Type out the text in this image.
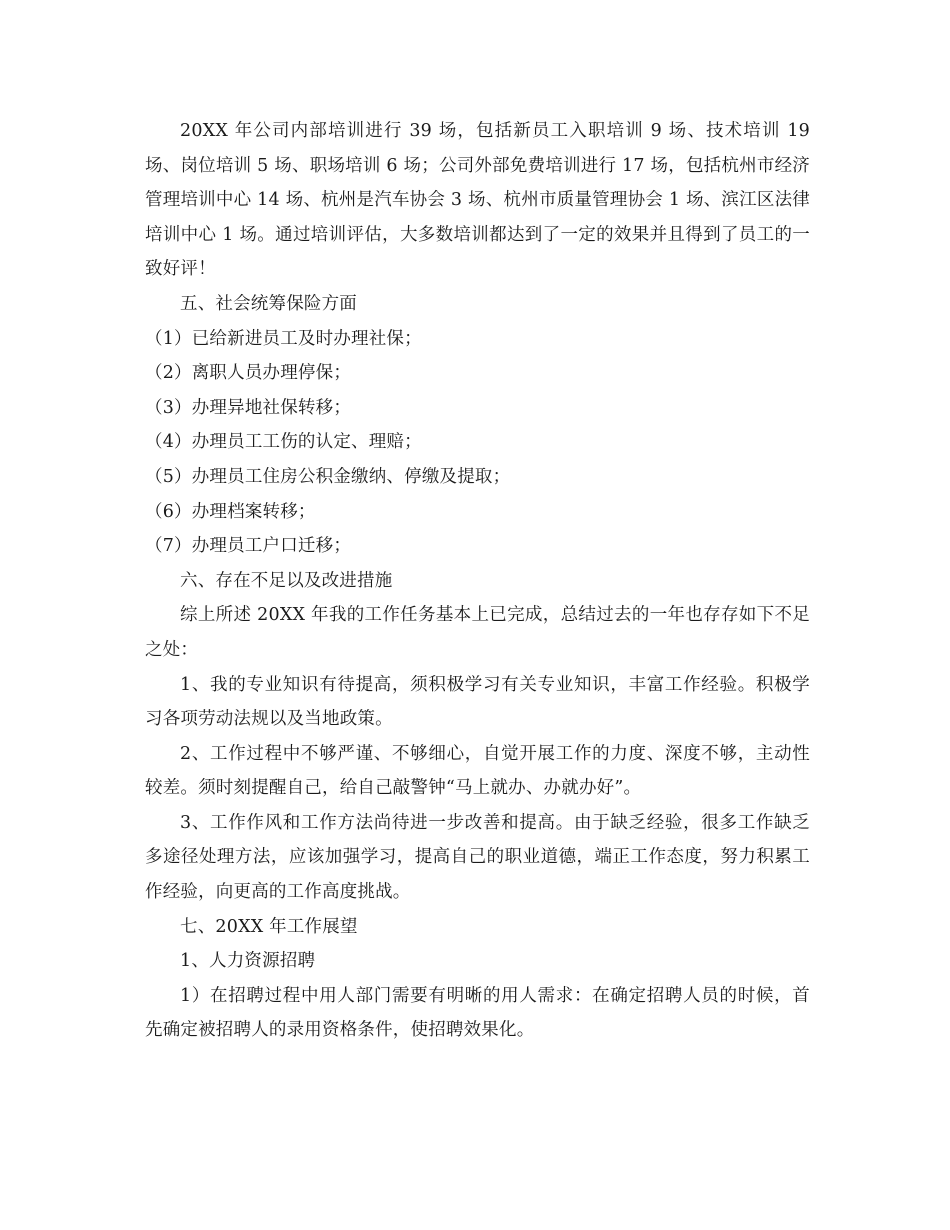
20XX 年公司内部培训进行 39 场，包括新员工入职培训 9 场、技术培训 19 场、岗位培训 5 场、职场培训 6 场；公司外部免费培训进行 17 场，包括杭州市经济管理培训中心 14 场、杭州是汽车协会 3 场、杭州市质量管理协会 1 场、滨江区法律培训中心 1 场。通过培训评估，大多数培训都达到了一定的效果并且得到了员工的一致好评！

五、社会统筹保险方面

（1）已给新进员工及时办理社保；

（2）离职人员办理停保；

（3）办理异地社保转移；

（4）办理员工工伤的认定、理赔；

（5）办理员工住房公积金缴纳、停缴及提取；

（6）办理档案转移；

（7）办理员工户口迁移；

六、存在不足以及改进措施

综上所述 20XX 年我的工作任务基本上已完成，总结过去的一年也存存如下不足之处：

1、我的专业知识有待提高，须积极学习有关专业知识，丰富工作经验。积极学习各项劳动法规以及当地政策。

2、工作过程中不够严谨、不够细心，自觉开展工作的力度、深度不够，主动性较差。须时刻提醒自己，给自己敲警钟“马上就办、办就办好”。

3、工作作风和工作方法尚待进一步改善和提高。由于缺乏经验，很多工作缺乏多途径处理方法，应该加强学习，提高自己的职业道德，端正工作态度，努力积累工作经验，向更高的工作高度挑战。

七、20XX 年工作展望

1、人力资源招聘

1）在招聘过程中用人部门需要有明晰的用人需求：在确定招聘人员的时候，首先确定被招聘人的录用资格条件，使招聘效果化。
